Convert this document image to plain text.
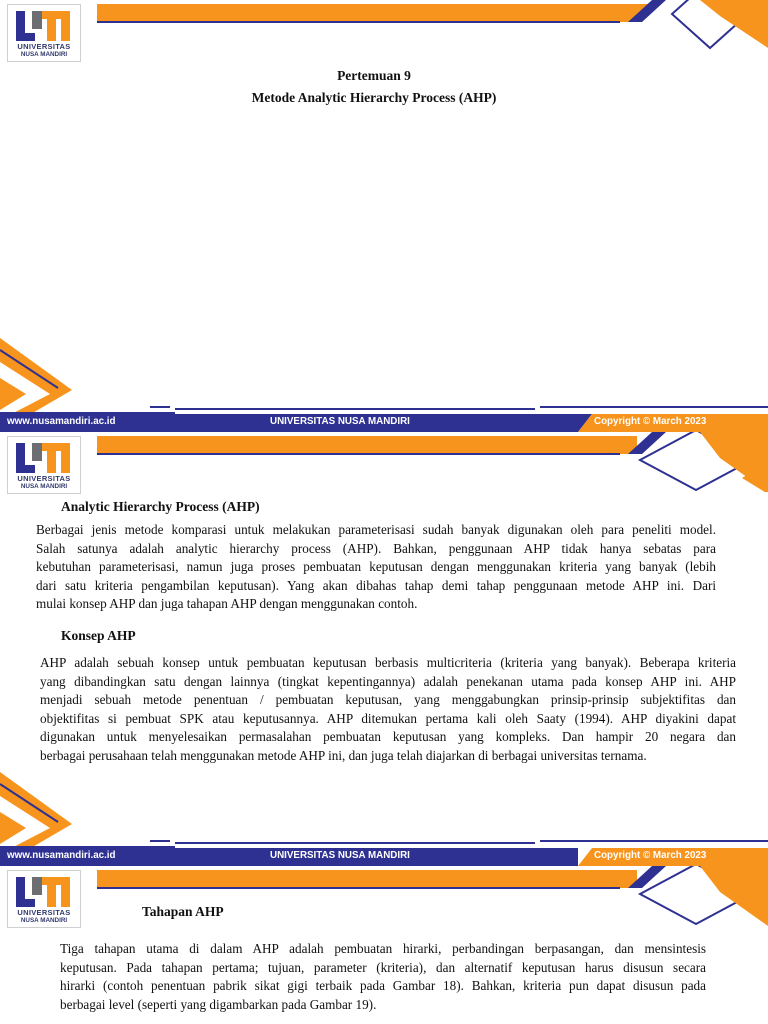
UNIVERSITAS
NUSA MANDIRI
Pertemuan 9
Metode Analytic Hierarchy Process (AHP)
www.nusamandiri.ac.id	UNIVERSITAS NUSA MANDIRI	Copyright © March 2023
UNIVERSITAS
NUSA MANDIRI
Analytic Hierarchy Process (AHP)
Berbagai jenis metode komparasi untuk melakukan parameterisasi sudah banyak digunakan oleh para peneliti model.
Salah satunya adalah analytic hierarchy process (AHP). Bahkan, penggunaan AHP tidak hanya sebatas para
kebutuhan parameterisasi, namun juga proses pembuatan keputusan dengan menggunakan kriteria yang banyak (lebih
dari satu kriteria pengambilan keputusan). Yang akan dibahas tahap demi tahap penggunaan metode AHP ini. Dari
mulai konsep AHP dan juga tahapan AHP dengan menggunakan contoh.
Konsep AHP
AHP adalah sebuah konsep untuk pembuatan keputusan berbasis multicriteria (kriteria yang banyak). Beberapa kriteria
yang dibandingkan satu dengan lainnya (tingkat kepentingannya) adalah penekanan utama pada konsep AHP ini. AHP
menjadi sebuah metode penentuan / pembuatan keputusan, yang menggabungkan prinsip-prinsip subjektifitas dan
objektifitas si pembuat SPK atau keputusannya. AHP ditemukan pertama kali oleh Saaty (1994). AHP diyakini dapat
digunakan untuk menyelesaikan permasalahan pembuatan keputusan yang kompleks. Dan hampir 20 negara dan
berbagai perusahaan telah menggunakan metode AHP ini, dan juga telah diajarkan di berbagai universitas ternama.
www.nusamandiri.ac.id	UNIVERSITAS NUSA MANDIRI	Copyright © March 2023
UNIVERSITAS
NUSA MANDIRI
Tahapan AHP
Tiga tahapan utama di dalam AHP adalah pembuatan hirarki, perbandingan berpasangan, dan mensintesis
keputusan. Pada tahapan pertama; tujuan, parameter (kriteria), dan alternatif keputusan harus disusun secara
hirarki (contoh penentuan pabrik sikat gigi terbaik pada Gambar 18). Bahkan, kriteria pun dapat disusun pada
berbagai level (seperti yang digambarkan pada Gambar 19).
